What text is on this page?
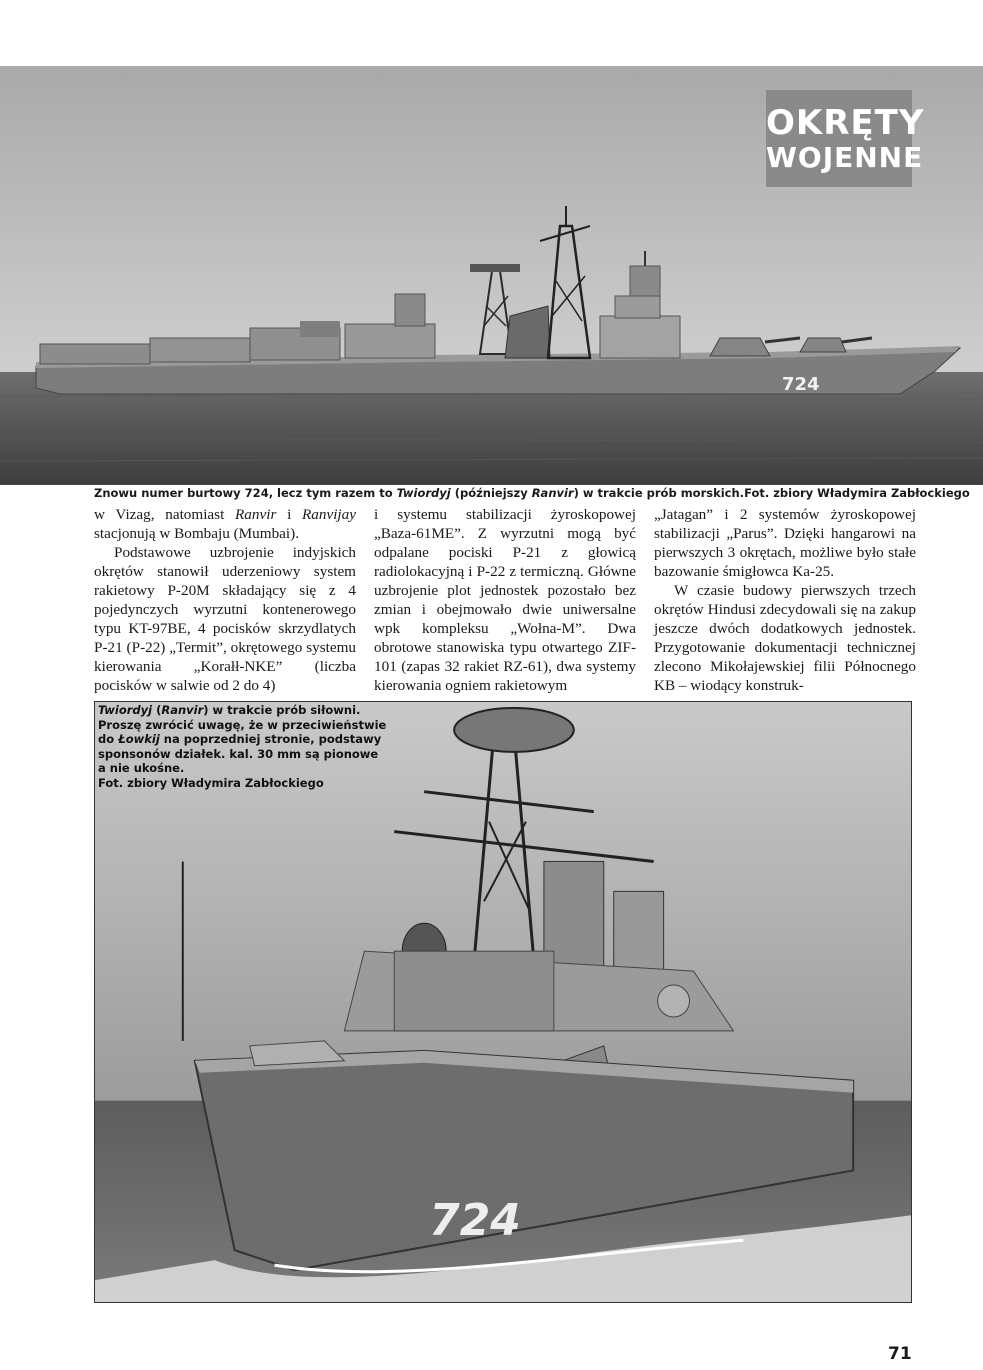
724
OKRĘTY
WOJENNE
Znowu numer burtowy 724, lecz tym razem to Twiordyj (późniejszy Ranvir) w trakcie prób morskich. Fot. zbiory Władymira Zabłockiego

w Vizag, natomiast Ranvir i Ranvijay stacjonują w Bombaju (Mumbai).

Podstawowe uzbrojenie indyjskich okrętów stanowił uderzeniowy system rakietowy P-20M składający się z 4 pojedynczych wyrzutni kontenerowego typu KT-97BE, 4 pocisków skrzydlatych P-21 (P-22) „Termit”, okrętowego systemu kierowania „Korałł-NKE” (liczba pocisków w salwie od 2 do 4)

i systemu stabilizacji żyroskopowej „Baza-61ME”. Z wyrzutni mogą być odpalane pociski P-21 z głowicą radiolokacyjną i P-22 z termiczną. Główne uzbrojenie plot jednostek pozostało bez zmian i obejmowało dwie uniwersalne wpk kompleksu „Wołna-M”. Dwa obrotowe stanowiska typu otwartego ZIF-101 (zapas 32 rakiet RZ-61), dwa systemy kierowania ogniem rakietowym

„Jatagan” i 2 systemów żyroskopowej stabilizacji „Parus”. Dzięki hangarowi na pierwszych 3 okrętach, możliwe było stałe bazowanie śmigłowca Ka-25.

W czasie budowy pierwszych trzech okrętów Hindusi zdecydowali się na zakup jeszcze dwóch dodatkowych jednostek. Przygotowanie dokumentacji technicznej zlecono Mikołajewskiej filii Północnego KB – wiodący konstruk-

724
Twiordyj (Ranvir) w trakcie prób siłowni. Proszę zwrócić uwagę, że w przeciwieństwie do Łowkij na poprzedniej stronie, podstawy sponsonów działek. kal. 30 mm są pionowe a nie ukośne.
Fot. zbiory Władymira Zabłockiego
71
